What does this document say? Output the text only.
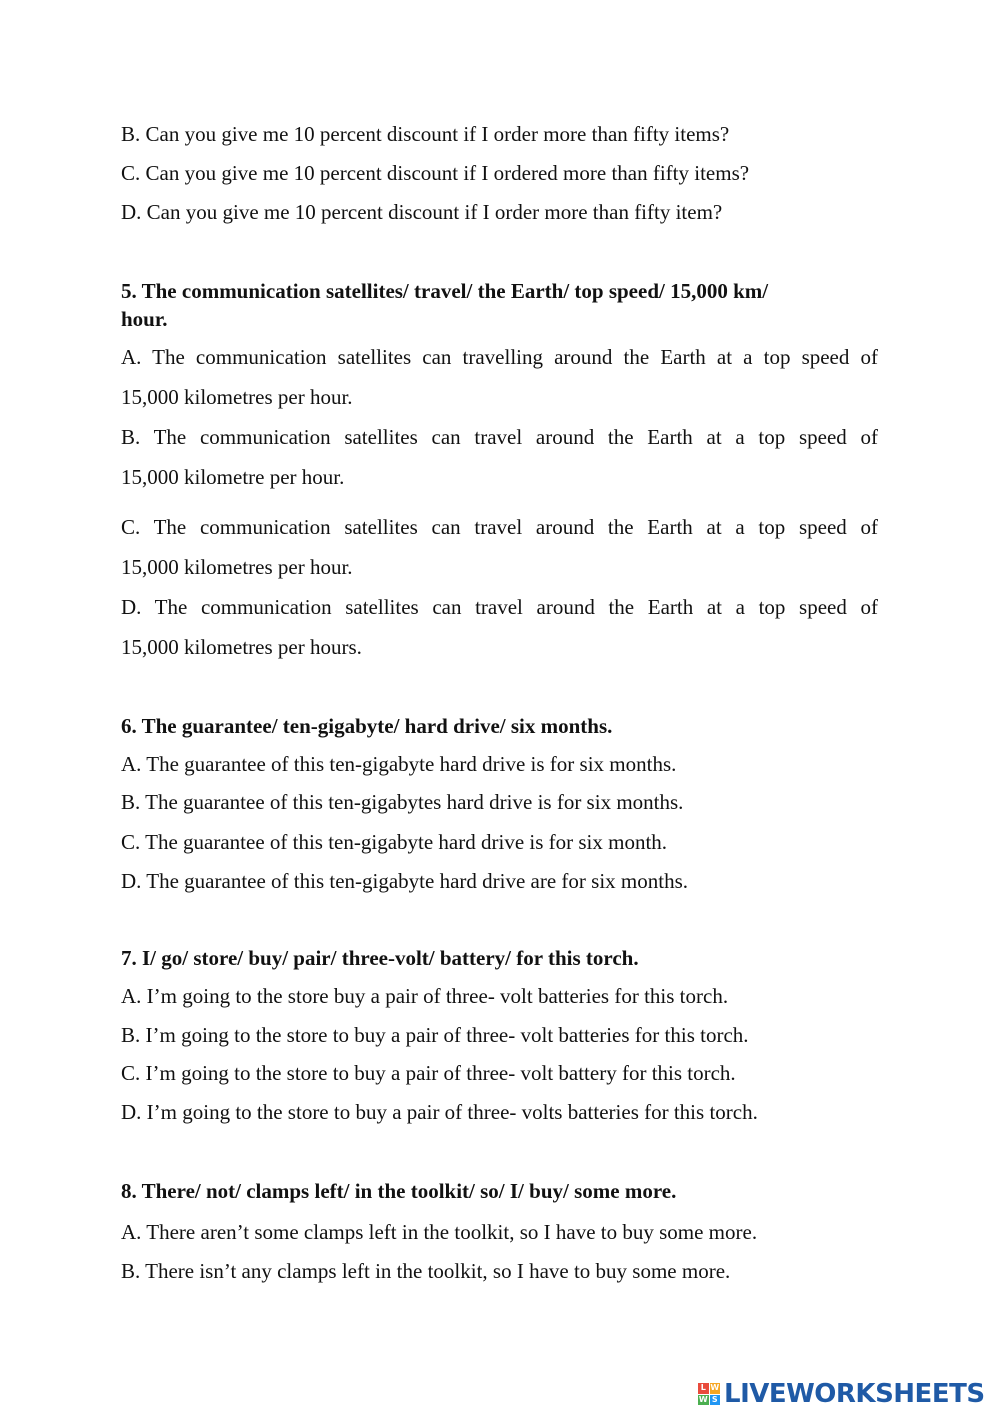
B. Can you give me 10 percent discount if I order more than fifty items?
C. Can you give me 10 percent discount if I ordered more than fifty items?
D. Can you give me 10 percent discount if I order more than fifty item?
5. The communication satellites/ travel/ the Earth/ top speed/ 15,000 km/
hour.
A. The communication satellites can travelling around the Earth at a top speed of
15,000 kilometres per hour.
B. The communication satellites can travel around the Earth at a top speed of
15,000 kilometre per hour.
C. The communication satellites can travel around the Earth at a top speed of
15,000 kilometres per hour.
D. The communication satellites can travel around the Earth at a top speed of
15,000 kilometres per hours.
6. The guarantee/ ten-gigabyte/ hard drive/ six months.
A. The guarantee of this ten-gigabyte hard drive is for six months.
B. The guarantee of this ten-gigabytes hard drive is for six months.
C. The guarantee of this ten-gigabyte hard drive is for six month.
D. The guarantee of this ten-gigabyte hard drive are for six months.
7. I/ go/ store/ buy/ pair/ three-volt/ battery/ for this torch.
A. I’m going to the store buy a pair of three- volt batteries for this torch.
B. I’m going to the store to buy a pair of three- volt batteries for this torch.
C. I’m going to the store to buy a pair of three- volt battery for this torch.
D. I’m going to the store to buy a pair of three- volts batteries for this torch.
8. There/ not/ clamps left/ in the toolkit/ so/ I/ buy/ some more.
A. There aren’t some clamps left in the toolkit, so I have to buy some more.
B. There isn’t any clamps left in the toolkit, so I have to buy some more.
L W
W S LIVEWORKSHEETS
